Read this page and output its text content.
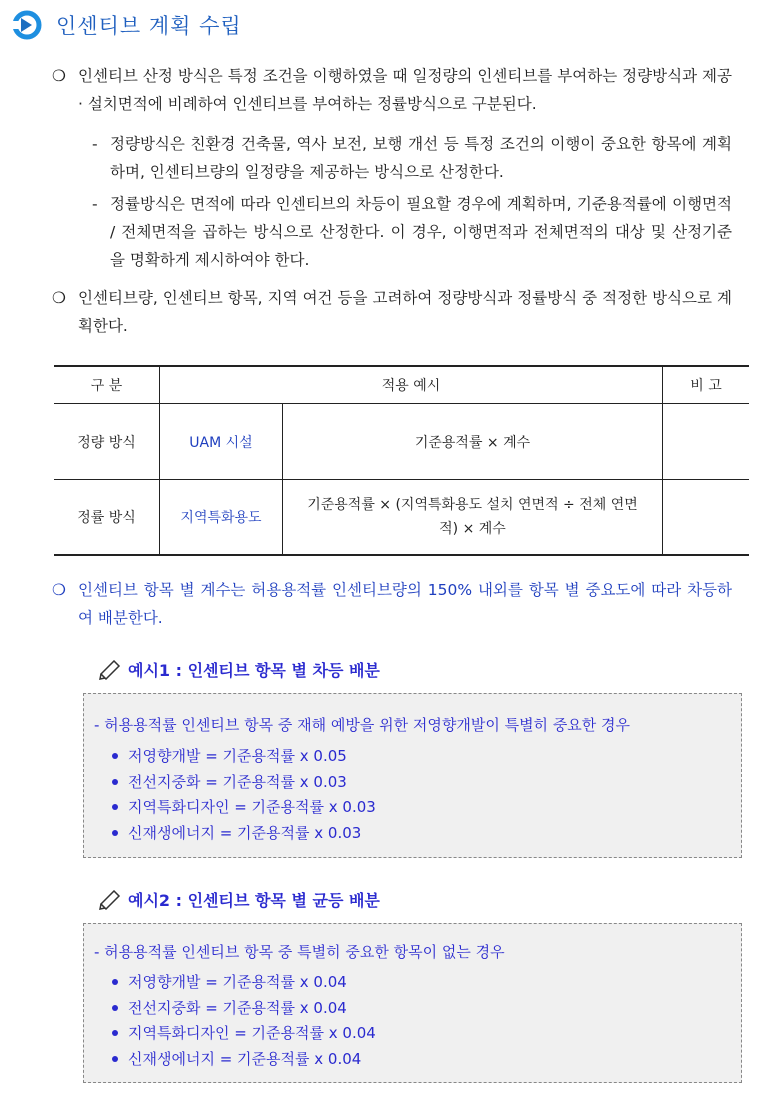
인센티브 계획 수립
❍ 인센티브 산정 방식은 특정 조건을 이행하였을 때 일정량의 인센티브를 부여하는 정량방식과 제공 · 설치면적에 비례하여 인센티브를 부여하는 정률방식으로 구분된다.
- 정량방식은 친환경 건축물, 역사 보전, 보행 개선 등 특정 조건의 이행이 중요한 항목에 계획하며, 인센티브량의 일정량을 제공하는 방식으로 산정한다.
- 정률방식은 면적에 따라 인센티브의 차등이 필요할 경우에 계획하며, 기준용적률에 이행면적 / 전체면적을 곱하는 방식으로 산정한다. 이 경우, 이행면적과 전체면적의 대상 및 산정기준을 명확하게 제시하여야 한다.
❍ 인센티브량, 인센티브 항목, 지역 여건 등을 고려하여 정량방식과 정률방식 중 적정한 방식으로 계획한다.
구 분	적용 예시		비 고
정량 방식	UAM 시설	기준용적률 × 계수	
정률 방식	지역특화용도	기준용적률 × (지역특화용도 설치 연면적 ÷ 전체 연면적) × 계수	
❍ 인센티브 항목 별 계수는 허용용적률 인센티브량의 150% 내외를 항목 별 중요도에 따라 차등하여 배분한다.
예시1 : 인센티브 항목 별 차등 배분
- 허용용적률 인센티브 항목 중 재해 예방을 위한 저영향개발이 특별히 중요한 경우
저영향개발 = 기준용적률 x 0.05
전선지중화 = 기준용적률 x 0.03
지역특화디자인 = 기준용적률 x 0.03
신재생에너지 = 기준용적률 x 0.03
예시2 : 인센티브 항목 별 균등 배분
- 허용용적률 인센티브 항목 중 특별히 중요한 항목이 없는 경우
저영향개발 = 기준용적률 x 0.04
전선지중화 = 기준용적률 x 0.04
지역특화디자인 = 기준용적률 x 0.04
신재생에너지 = 기준용적률 x 0.04
